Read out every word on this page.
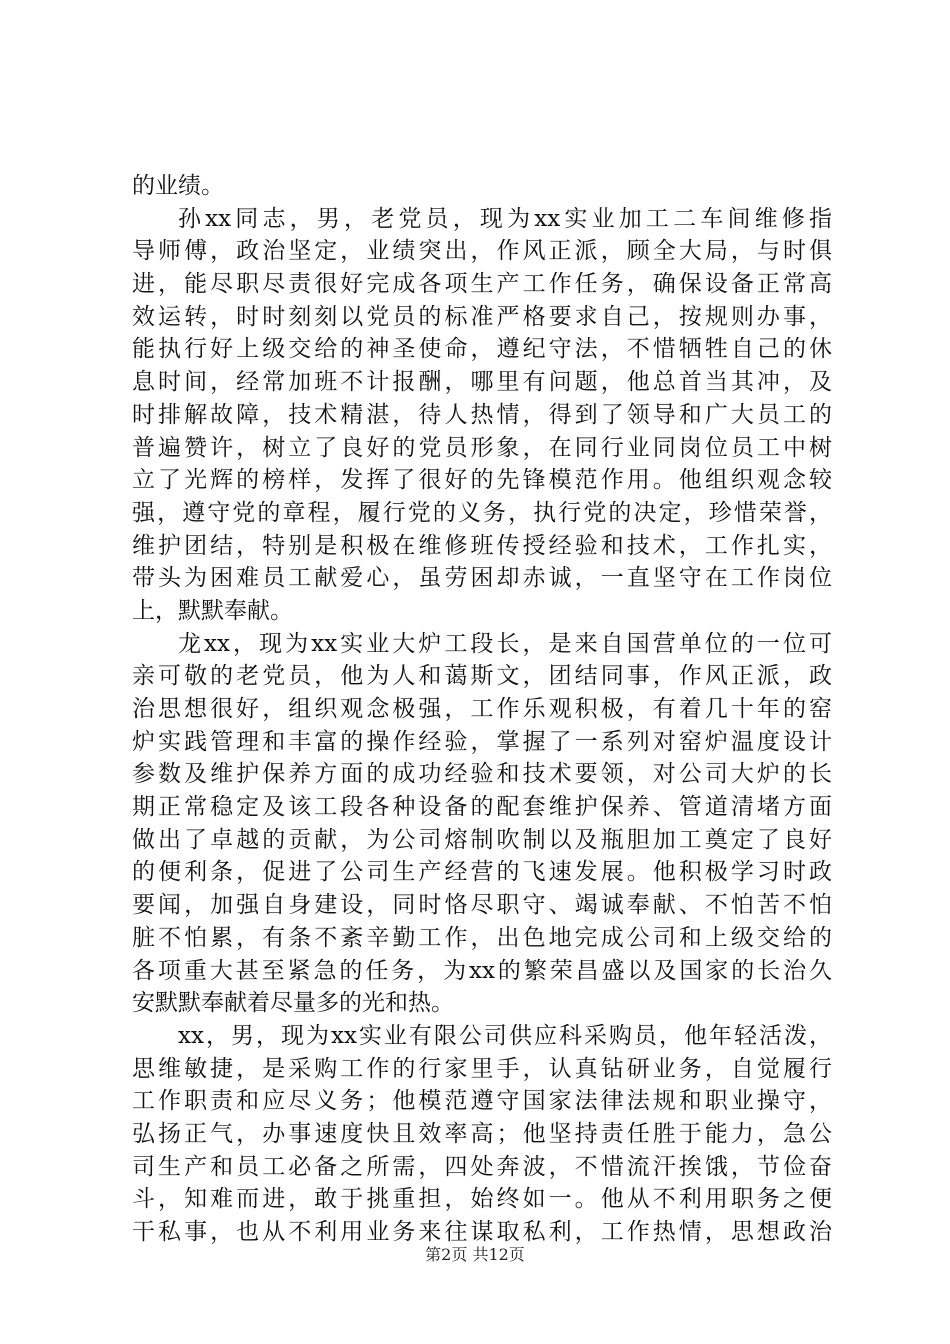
的业绩。
孙xx同志，男，老党员，现为xx实业加工二车间维修指
导师傅，政治坚定，业绩突出，作风正派，顾全大局，与时俱
进，能尽职尽责很好完成各项生产工作任务，确保设备正常高
效运转，时时刻刻以党员的标准严格要求自己，按规则办事，
能执行好上级交给的神圣使命，遵纪守法，不惜牺牲自己的休
息时间，经常加班不计报酬，哪里有问题，他总首当其冲，及
时排解故障，技术精湛，待人热情，得到了领导和广大员工的
普遍赞许，树立了良好的党员形象，在同行业同岗位员工中树
立了光辉的榜样，发挥了很好的先锋模范作用。他组织观念较
强，遵守党的章程，履行党的义务，执行党的决定，珍惜荣誉，
维护团结，特别是积极在维修班传授经验和技术，工作扎实，
带头为困难员工献爱心，虽劳困却赤诚，一直坚守在工作岗位
上，默默奉献。
龙xx，现为xx实业大炉工段长，是来自国营单位的一位可
亲可敬的老党员，他为人和蔼斯文，团结同事，作风正派，政
治思想很好，组织观念极强，工作乐观积极，有着几十年的窑
炉实践管理和丰富的操作经验，掌握了一系列对窑炉温度设计
参数及维护保养方面的成功经验和技术要领，对公司大炉的长
期正常稳定及该工段各种设备的配套维护保养、管道清堵方面
做出了卓越的贡献，为公司熔制吹制以及瓶胆加工奠定了良好
的便利条，促进了公司生产经营的飞速发展。他积极学习时政
要闻，加强自身建设，同时恪尽职守、竭诚奉献、不怕苦不怕
脏不怕累，有条不紊辛勤工作，出色地完成公司和上级交给的
各项重大甚至紧急的任务，为xx的繁荣昌盛以及国家的长治久
安默默奉献着尽量多的光和热。
xx，男，现为xx实业有限公司供应科采购员，他年轻活泼，
思维敏捷，是采购工作的行家里手，认真钻研业务，自觉履行
工作职责和应尽义务；他模范遵守国家法律法规和职业操守，
弘扬正气，办事速度快且效率高；他坚持责任胜于能力，急公
司生产和员工必备之所需，四处奔波，不惜流汗挨饿，节俭奋
斗，知难而进，敢于挑重担，始终如一。他从不利用职务之便
干私事，也从不利用业务来往谋取私利，工作热情，思想政治
第2页 共12页
